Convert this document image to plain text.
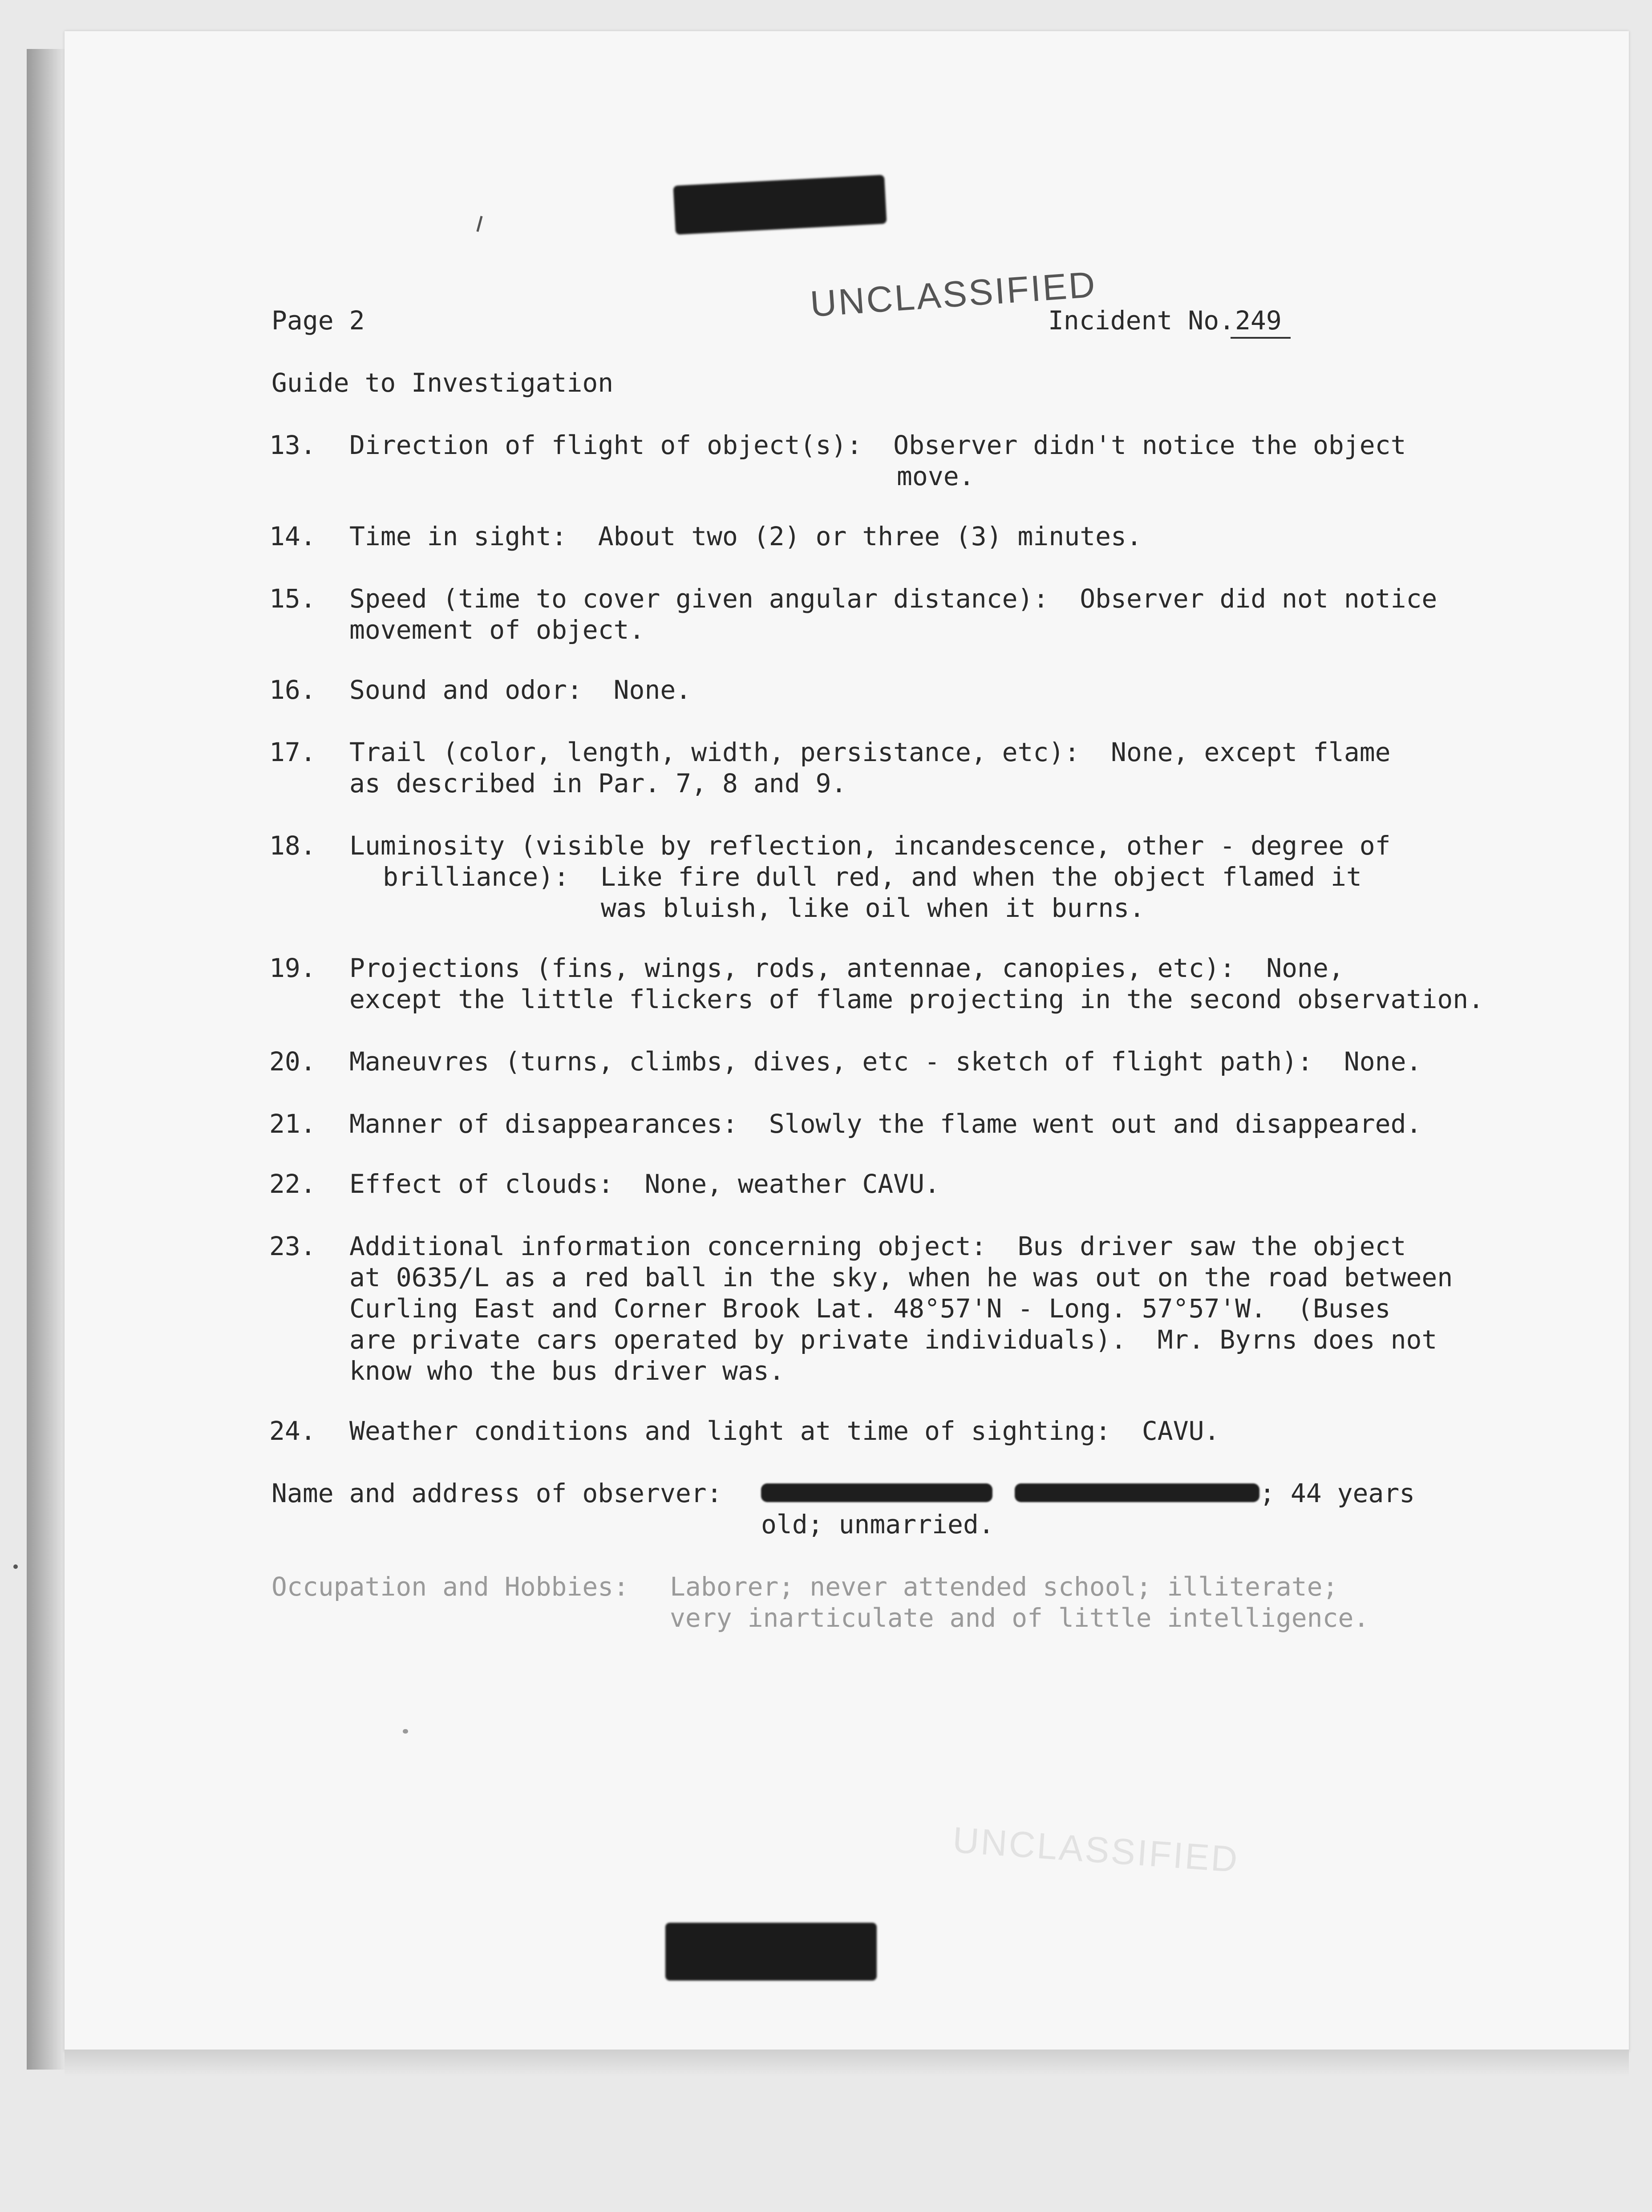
Page 2	UNCLASSIFIED
Incident No. 249
Guide to Investigation
13. Direction of flight of object(s):  Observer didn't notice the object
move.
14. Time in sight:  About two (2) or three (3) minutes.
15. Speed (time to cover given angular distance):  Observer did not notice
movement of object.
16. Sound and odor:  None.
17. Trail (color, length, width, persistance, etc):  None, except flame
as described in Par. 7, 8 and 9.
18. Luminosity (visible by reflection, incandescence, other - degree of
brilliance):  Like fire dull red, and when the object flamed it
was bluish, like oil when it burns.
19. Projections (fins, wings, rods, antennae, canopies, etc):  None,
except the little flickers of flame projecting in the second observation.
20. Maneuvres (turns, climbs, dives, etc - sketch of flight path):  None.
21. Manner of disappearances:  Slowly the flame went out and disappeared.
22. Effect of clouds:  None, weather CAVU.
23. Additional information concerning object:  Bus driver saw the object
at 0635/L as a red ball in the sky, when he was out on the road between
Curling East and Corner Brook Lat. 48°57'N - Long. 57°57'W.  (Buses
are private cars operated by private individuals).  Mr. Byrns does not
know who the bus driver was.
24. Weather conditions and light at time of sighting:  CAVU.
Name and address of observer:	; 44 years
old; unmarried.
Occupation and Hobbies: Laborer; never attended school; illiterate;
very inarticulate and of little intelligence.
UNCLASSIFIED
